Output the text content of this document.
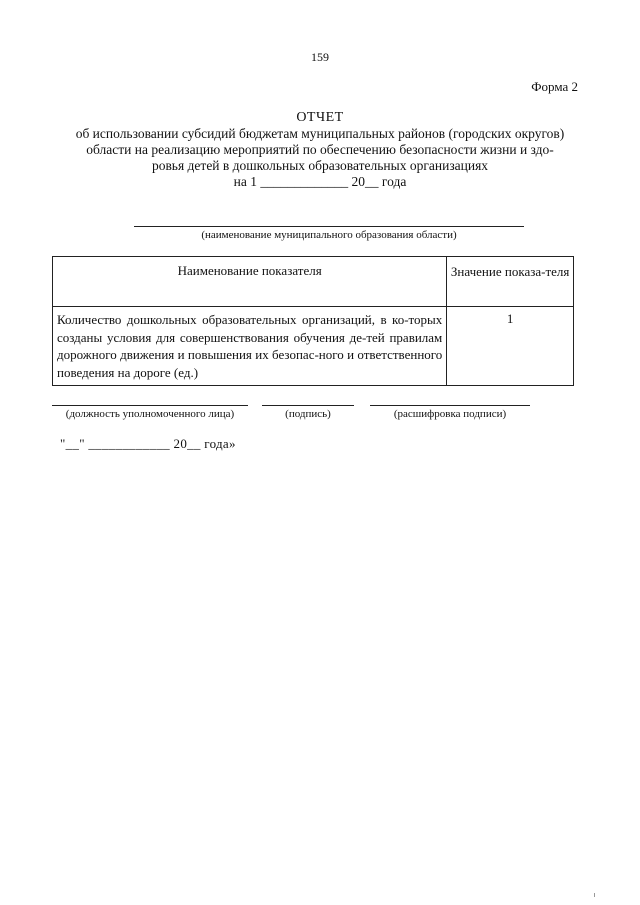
159
Форма 2
ОТЧЕТ
об использовании субсидий бюджетам муниципальных районов (городских округов)
области на реализацию мероприятий по обеспечению безопасности жизни и здо-
ровья детей в дошкольных образовательных организациях
на 1 _____________ 20__ года
(наименование муниципального образования области)
Наименование показателя	Значение показа-теля
Количество дошкольных образовательных организаций, в ко-торых созданы условия для совершенствования обучения де-тей правилам дорожного движения и повышения их безопас-ного и ответственного поведения на дороге (ед.)	1
(должность уполномоченного лица)	(подпись)	(расшифровка подписи)
"__" ____________ 20__ года»
